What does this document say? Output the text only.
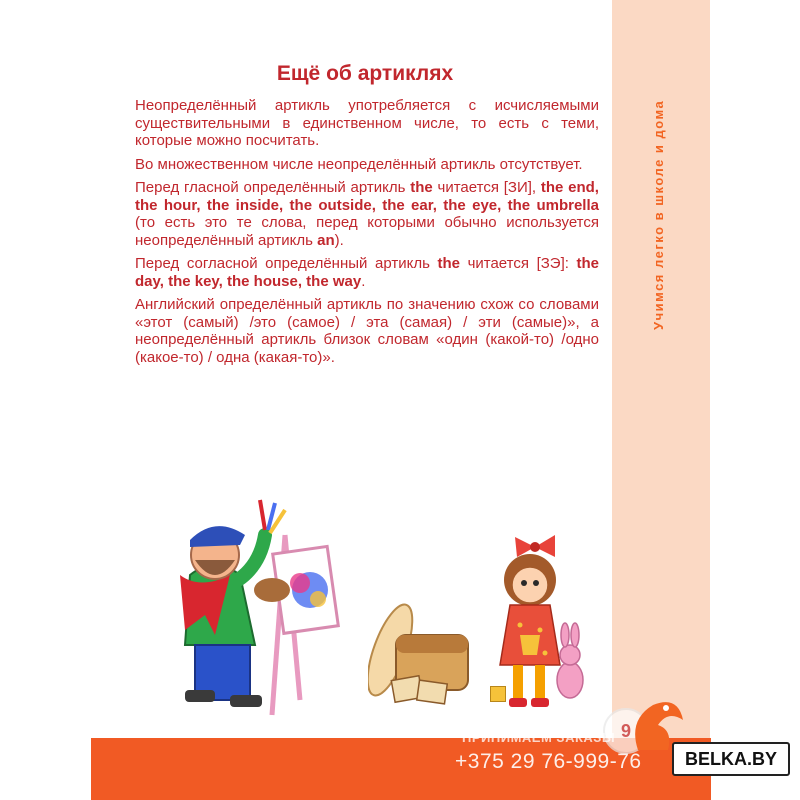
Учимся легко в школе и дома
Ещё об артиклях

Неопределённый артикль употребляется с исчисляемыми существительными в единственном числе, то есть с теми, которые можно посчитать.

Во множественном числе неопределённый артикль отсутствует.

Перед гласной определённый артикль the читается [ЗИ], the end, the hour, the inside, the outside, the ear, the eye, the umbrella (то есть это те слова, перед которыми обычно используется неопределённый артикль an).

Перед согласной определённый артикль the читается [ЗЭ]: the day, the key, the house, the way.

Английский определённый артикль по значению схож со словами «этот (самый) /это (самое) / эта (самая) / эти (самые)», а неопределённый артикль близок словам «один (какой-то) /одно (какое-то) / одна (какая-то)».

9
ПРИНИМАЕМ ЗАКАЗЫ
+375 29 76-999-76	BELKA.BY
